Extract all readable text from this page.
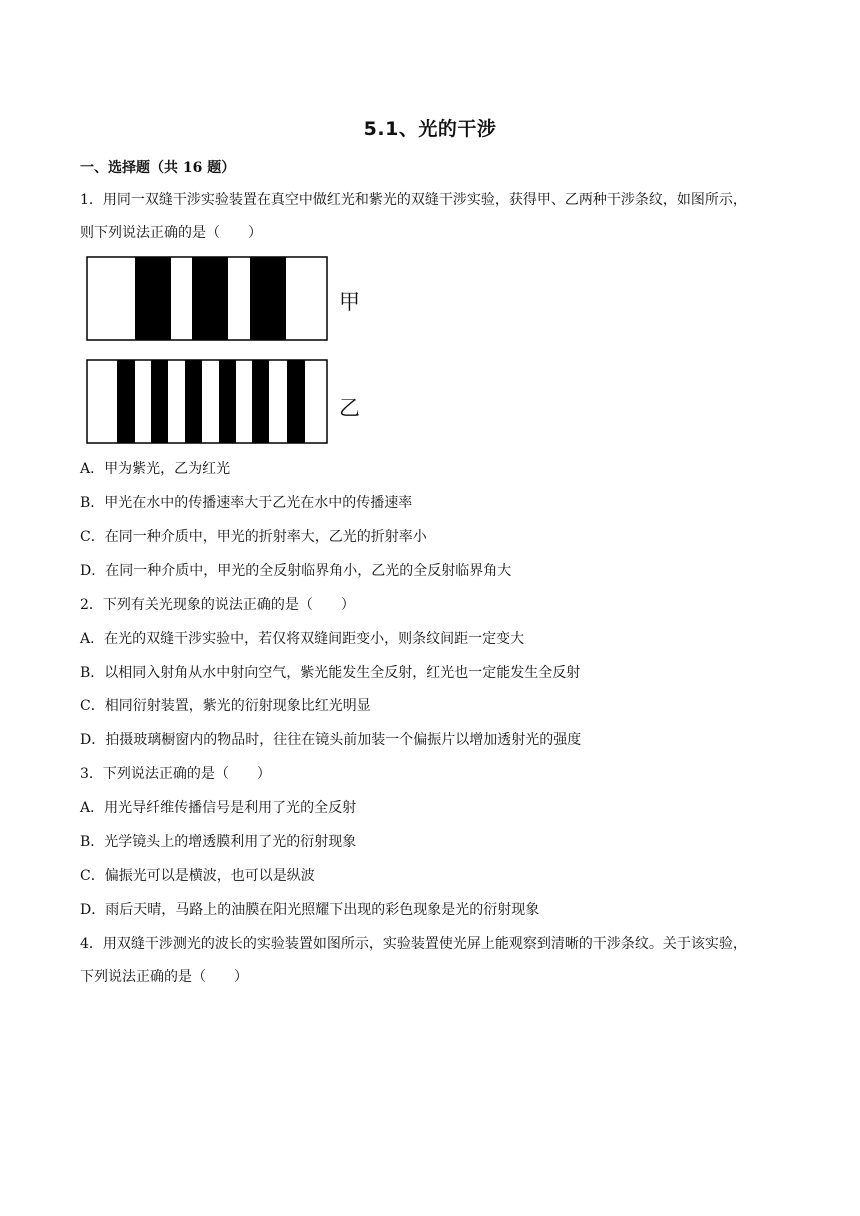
5.1、光的干涉
一、选择题（共 16 题）
1．用同一双缝干涉实验装置在真空中做红光和紫光的双缝干涉实验，获得甲、乙两种干涉条纹，如图所示，
则下列说法正确的是（　　）
甲
乙
A．甲为紫光，乙为红光
B．甲光在水中的传播速率大于乙光在水中的传播速率
C．在同一种介质中，甲光的折射率大，乙光的折射率小
D．在同一种介质中，甲光的全反射临界角小，乙光的全反射临界角大
2．下列有关光现象的说法正确的是（　　）
A．在光的双缝干涉实验中，若仅将双缝间距变小，则条纹间距一定变大
B．以相同入射角从水中射向空气，紫光能发生全反射，红光也一定能发生全反射
C．相同衍射装置，紫光的衍射现象比红光明显
D．拍摄玻璃橱窗内的物品时，往往在镜头前加装一个偏振片以增加透射光的强度
3．下列说法正确的是（　　）
A．用光导纤维传播信号是利用了光的全反射
B．光学镜头上的增透膜利用了光的衍射现象
C．偏振光可以是横波，也可以是纵波
D．雨后天晴，马路上的油膜在阳光照耀下出现的彩色现象是光的衍射现象
4．用双缝干涉测光的波长的实验装置如图所示，实验装置使光屏上能观察到清晰的干涉条纹。关于该实验，
下列说法正确的是（　　）
